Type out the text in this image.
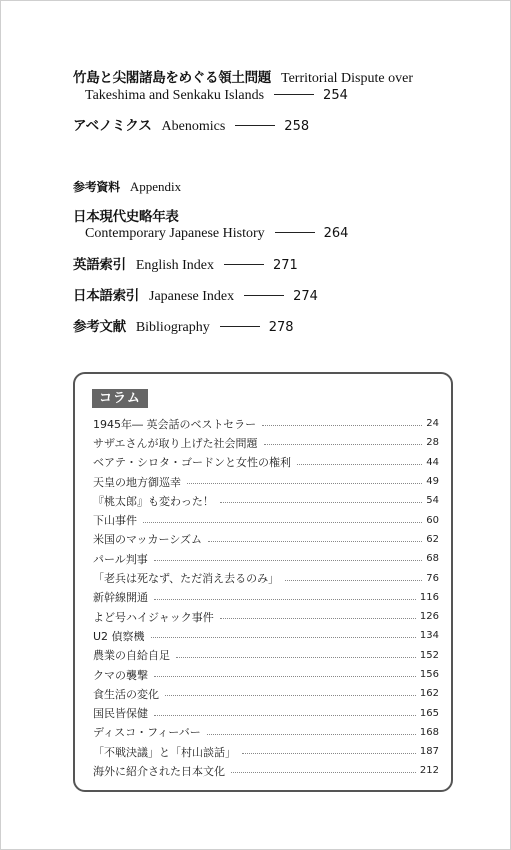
竹島と尖閣諸島をめぐる領土問題 Territorial Dispute over
Takeshima and Senkaku Islands	254
アベノミクス Abenomics	258
参考資料 Appendix
日本現代史略年表
Contemporary Japanese History	264
英語索引 English Index	271
日本語索引 Japanese Index	274
参考文献 Bibliography	278
コラム
1945年― 英会話のベストセラー	24
サザエさんが取り上げた社会問題	28
ベアテ・シロタ・ゴードンと女性の権利	44
天皇の地方御巡幸	49
『桃太郎』も変わった！	54
下山事件	60
米国のマッカーシズム	62
パール判事	68
「老兵は死なず、ただ消え去るのみ」	76
新幹線開通	116
よど号ハイジャック事件	126
U2 偵察機	134
農業の自給自足	152
クマの襲撃	156
食生活の変化	162
国民皆保健	165
ディスコ・フィーバー	168
「不戦決議」と「村山談話」	187
海外に紹介された日本文化	212
